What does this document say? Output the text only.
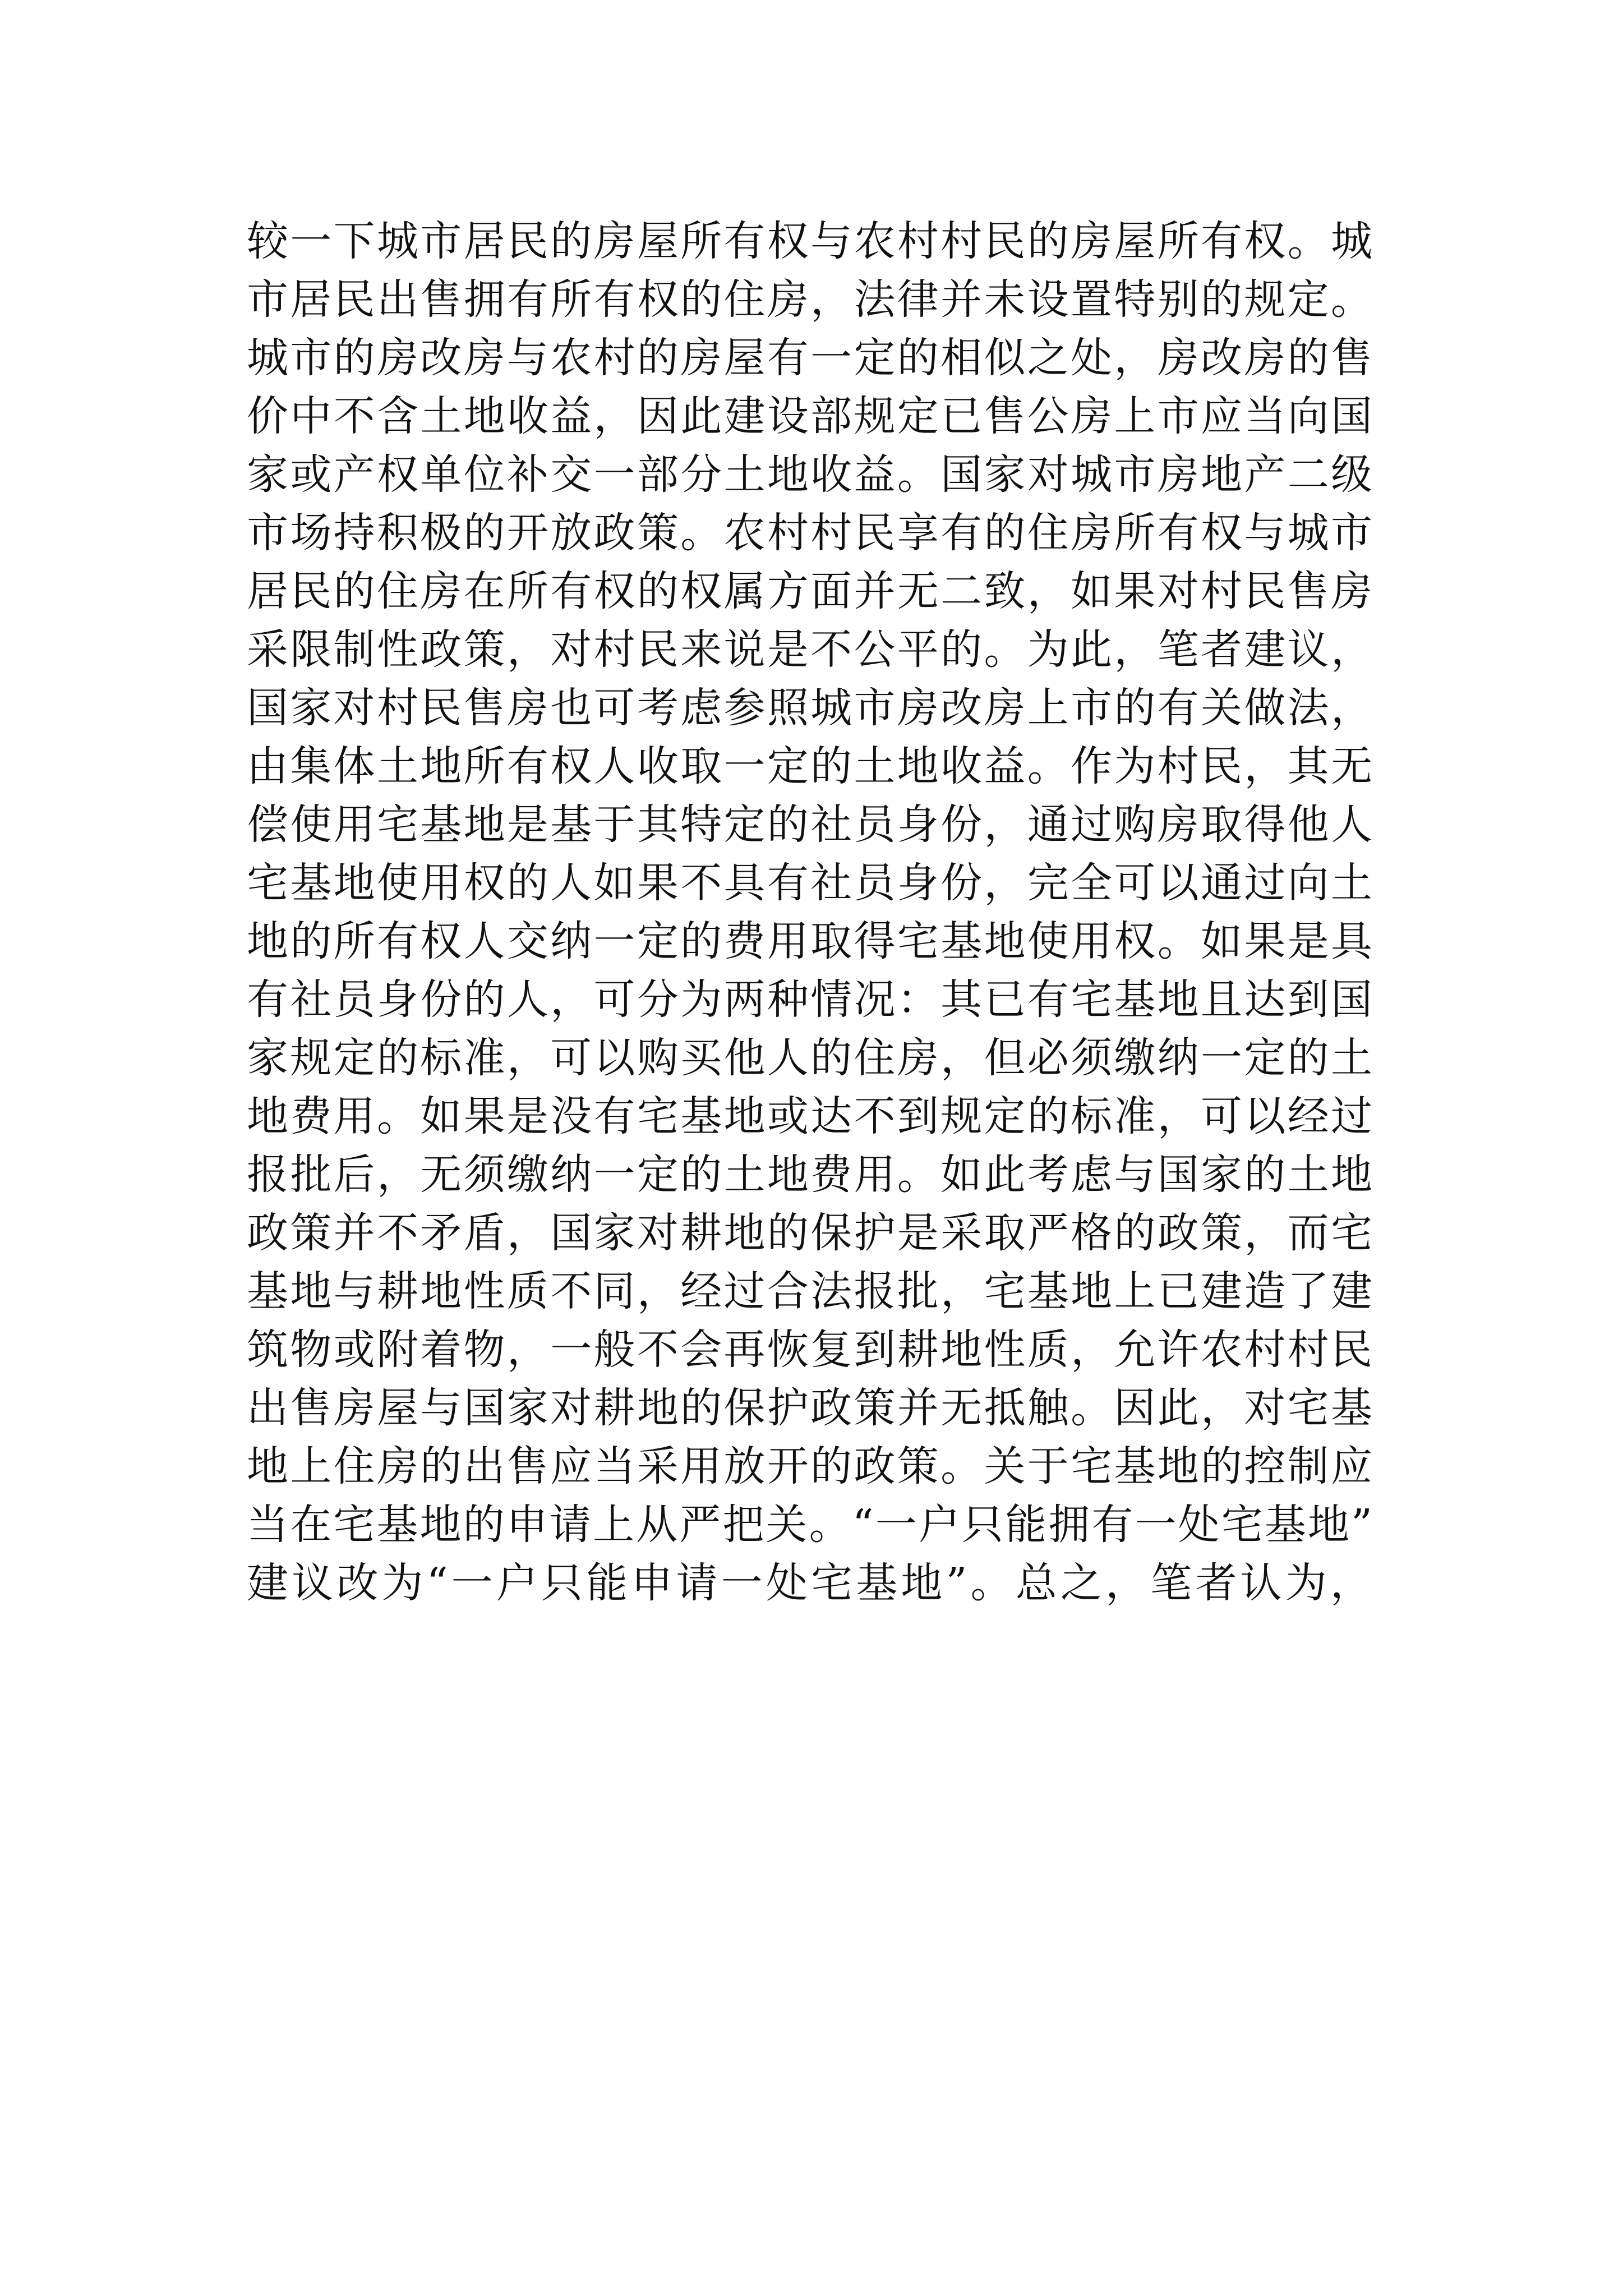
较一下城市居民的房屋所有权与农村村民的房屋所有权。城
市居民出售拥有所有权的住房，法律并未设置特别的规定。
城市的房改房与农村的房屋有一定的相似之处，房改房的售
价中不含土地收益，因此建设部规定已售公房上市应当向国
家或产权单位补交一部分土地收益。国家对城市房地产二级
市场持积极的开放政策。农村村民享有的住房所有权与城市
居民的住房在所有权的权属方面并无二致，如果对村民售房
采限制性政策，对村民来说是不公平的。为此，笔者建议，
国家对村民售房也可考虑参照城市房改房上市的有关做法，
由集体土地所有权人收取一定的土地收益。作为村民，其无
偿使用宅基地是基于其特定的社员身份，通过购房取得他人
宅基地使用权的人如果不具有社员身份，完全可以通过向土
地的所有权人交纳一定的费用取得宅基地使用权。如果是具
有社员身份的人，可分为两种情况：其已有宅基地且达到国
家规定的标准，可以购买他人的住房，但必须缴纳一定的土
地费用。如果是没有宅基地或达不到规定的标准，可以经过
报批后，无须缴纳一定的土地费用。如此考虑与国家的土地
政策并不矛盾，国家对耕地的保护是采取严格的政策，而宅
基地与耕地性质不同，经过合法报批，宅基地上已建造了建
筑物或附着物，一般不会再恢复到耕地性质，允许农村村民
出售房屋与国家对耕地的保护政策并无抵触。因此，对宅基
地上住房的出售应当采用放开的政策。关于宅基地的控制应
当在宅基地的申请上从严把关。“一户只能拥有一处宅基地”
建议改为“一户只能申请一处宅基地”。总之，笔者认为，
